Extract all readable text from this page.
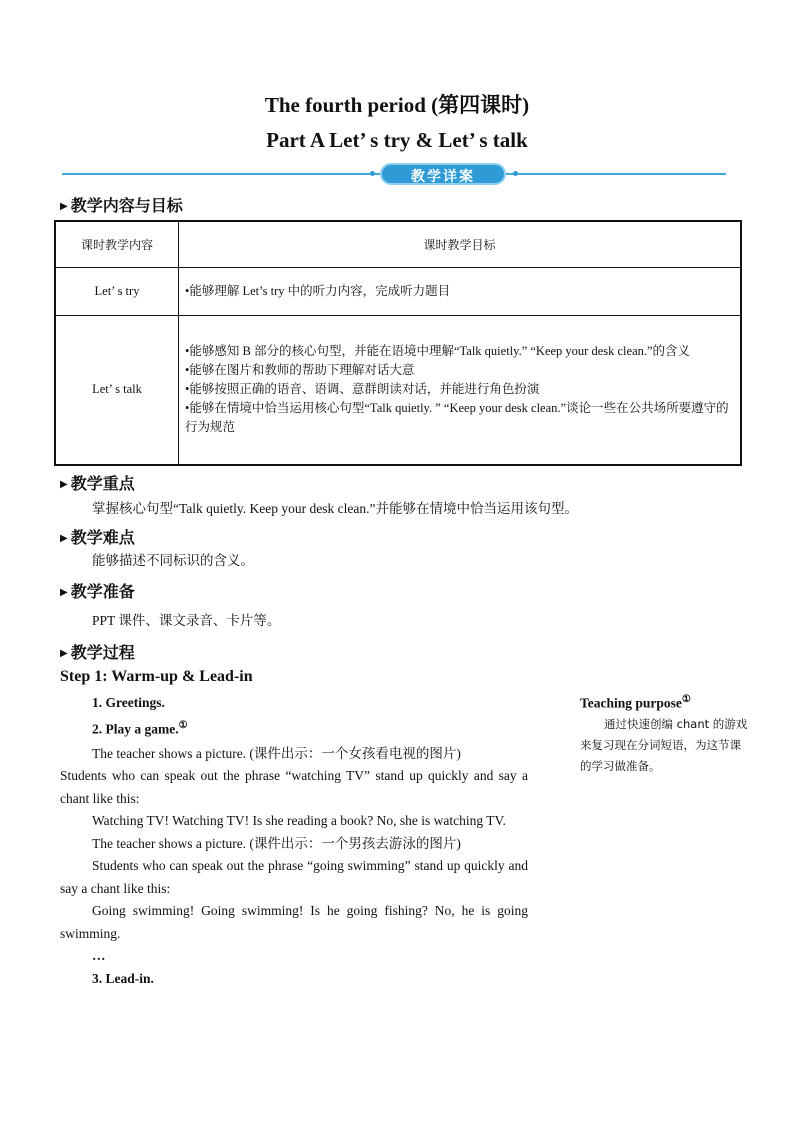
The fourth period (第四课时)
Part A Let’ s try & Let’ s talk
教学详案
▶ 教学内容与目标
课时教学内容	课时教学目标
Let’ s try	•能够理解 Let’s try 中的听力内容，完成听力题目

Let’ s talk	•能够感知 B 部分的核心句型，并能在语境中理解“Talk quietly.” “Keep your desk clean.”的含义
•能够在图片和教师的帮助下理解对话大意
•能够按照正确的语音、语调、意群朗读对话，并能进行角色扮演
•能够在情境中恰当运用核心句型“Talk quietly. ” “Keep your desk clean.”谈论一些在公共场所要遵守的行为规范
▶ 教学重点
掌握核心句型“Talk quietly. Keep your desk clean.”并能够在情境中恰当运用该句型。
▶ 教学难点
能够描述不同标识的含义。
▶ 教学准备
PPT 课件、课文录音、卡片等。
▶ 教学过程
Step 1: Warm-up & Lead-in

1. Greetings.

2. Play a game.①

The teacher shows a picture. (课件出示：一个女孩看电视的图片)

Students who can speak out the phrase “watching TV” stand up quickly and say a chant like this:

Watching TV! Watching TV! Is she reading a book? No, she is watching TV.

The teacher shows a picture. (课件出示：一个男孩去游泳的图片)

Students who can speak out the phrase “going swimming” stand up quickly and say a chant like this:

Going swimming! Going swimming! Is he going fishing? No, he is going swimming.

…

3. Lead-in.

Teaching purpose①
通过快速创编 chant 的游戏来复习现在分词短语，为这节课的学习做准备。
